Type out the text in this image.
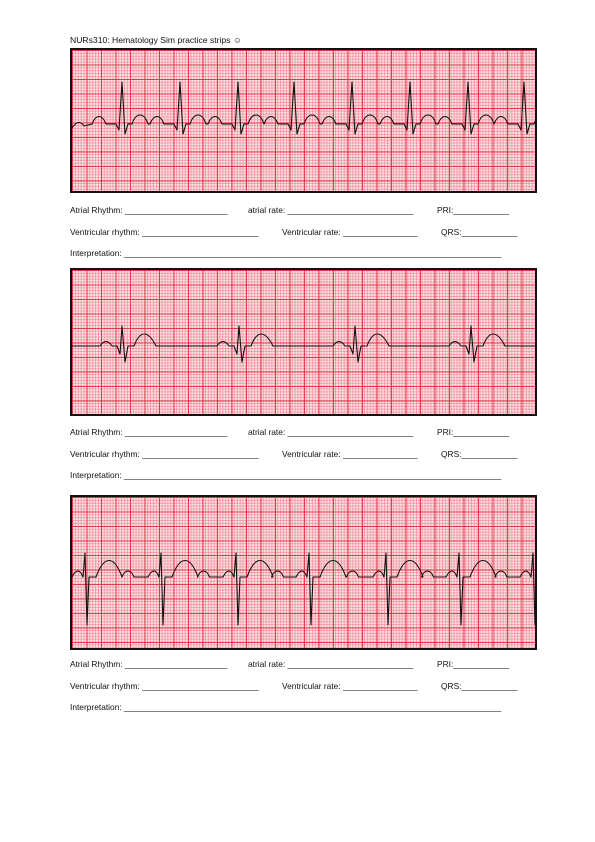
NURs310: Hematology Sim practice strips ☺
Atrial Rhythm: ______________________ atrial rate: ___________________________	PRI:____________
Ventricular rhythm: _________________________	Ventricular rate: ________________	QRS:____________
Interpretation: _________________________________________________________________________________
Atrial Rhythm: ______________________ atrial rate: ___________________________	PRI:____________
Ventricular rhythm: _________________________	Ventricular rate: ________________	QRS:____________
Interpretation: _________________________________________________________________________________
Atrial Rhythm: ______________________ atrial rate: ___________________________	PRI:____________
Ventricular rhythm: _________________________	Ventricular rate: ________________	QRS:____________
Interpretation: _________________________________________________________________________________
